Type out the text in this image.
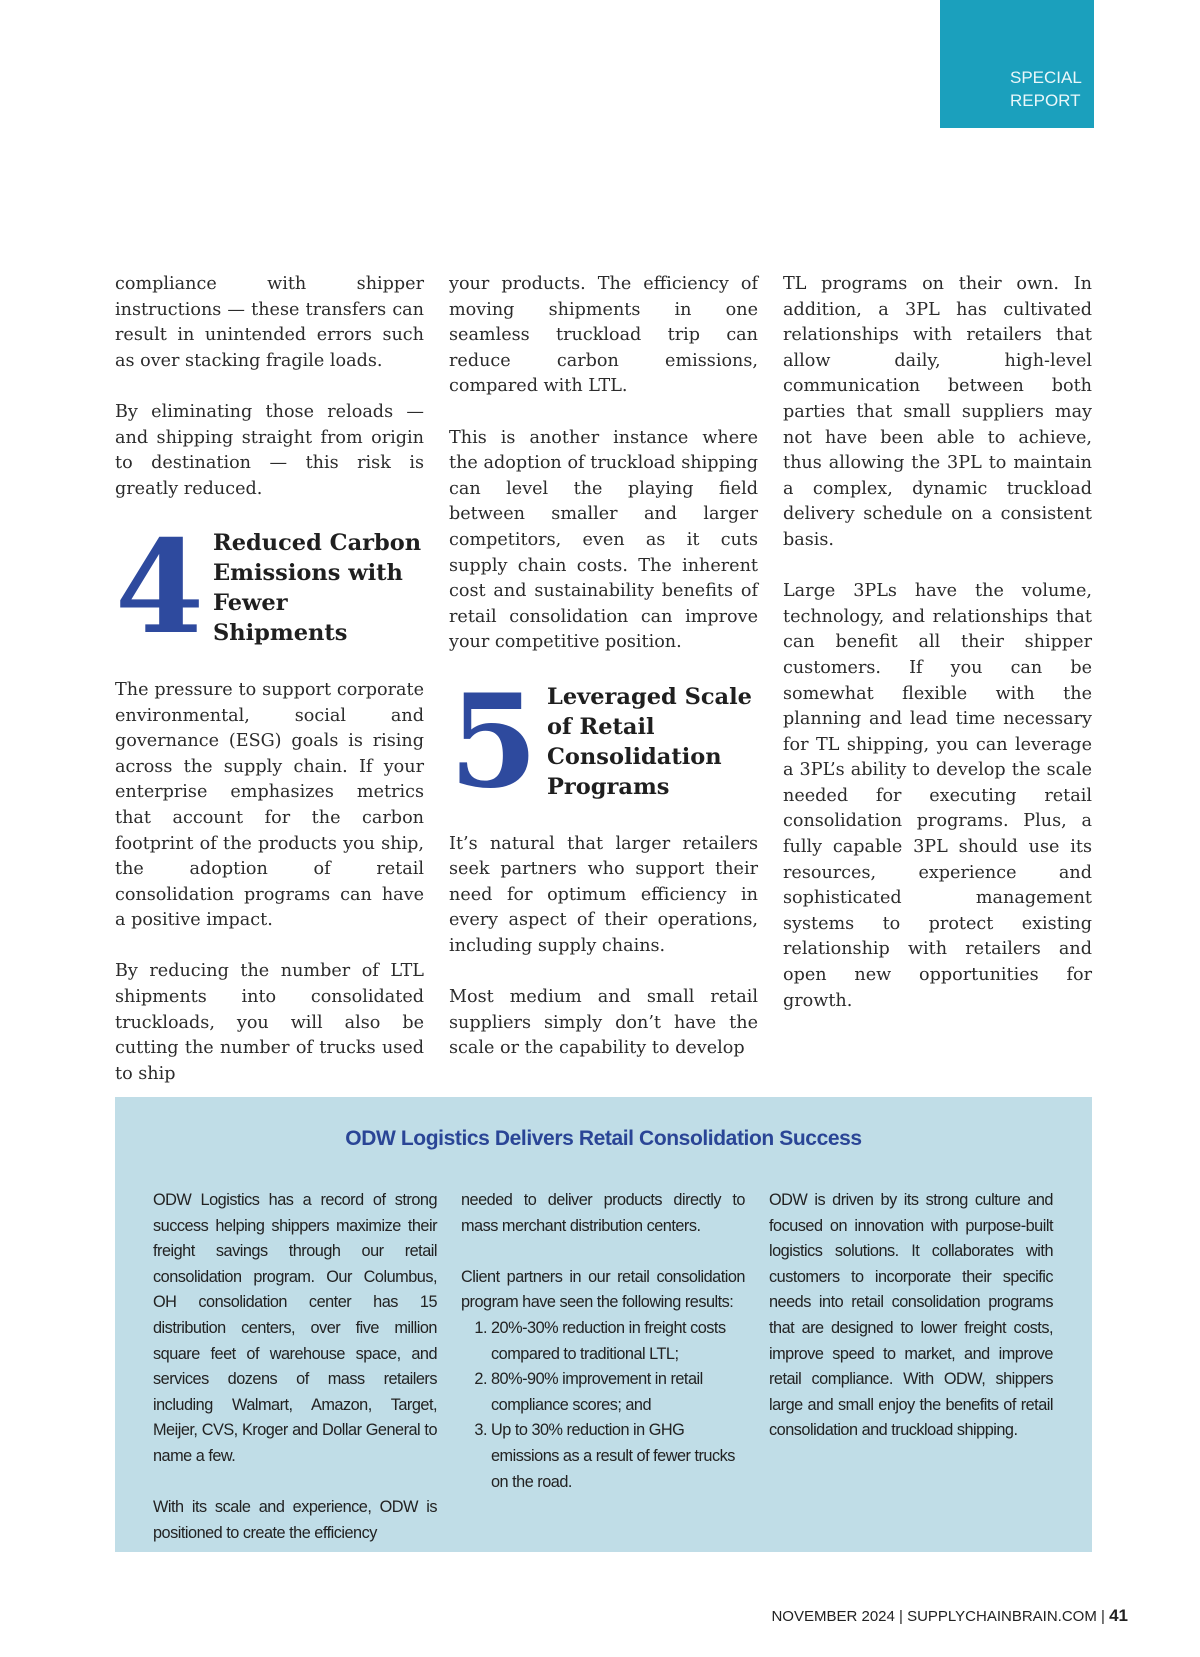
SPECIAL
REPORT

compliance with shipper instructions — these transfers can result in unintended errors such as over stacking fragile loads.

By eliminating those reloads — and shipping straight from origin to destination — this risk is greatly reduced.

4 Reduced Carbon Emissions with Fewer Shipments

The pressure to support corporate environmental, social and governance (ESG) goals is rising across the supply chain. If your enterprise emphasizes metrics that account for the carbon footprint of the products you ship, the adoption of retail consolidation programs can have a positive impact.

By reducing the number of LTL shipments into consolidated truckloads, you will also be cutting the number of trucks used to ship

your products. The efficiency of moving shipments in one seamless truckload trip can reduce carbon emissions, compared with LTL.

This is another instance where the adoption of truckload shipping can level the playing field between smaller and larger competitors, even as it cuts supply chain costs. The inherent cost and sustainability benefits of retail consolidation can improve your competitive position.

5 Leveraged Scale of Retail Consolidation Programs

It’s natural that larger retailers seek partners who support their need for optimum efficiency in every aspect of their operations, including supply chains.

Most medium and small retail suppliers simply don’t have the scale or the capability to develop

TL programs on their own. In addition, a 3PL has cultivated relationships with retailers that allow daily, high-level communication between both parties that small suppliers may not have been able to achieve, thus allowing the 3PL to maintain a complex, dynamic truckload delivery schedule on a consistent basis.

Large 3PLs have the volume, technology, and relationships that can benefit all their shipper customers. If you can be somewhat flexible with the planning and lead time necessary for TL shipping, you can leverage a 3PL’s ability to develop the scale needed for executing retail consolidation programs. Plus, a fully capable 3PL should use its resources, experience and sophisticated management systems to protect existing relationship with retailers and open new opportunities for growth.

ODW Logistics Delivers Retail Consolidation Success

ODW Logistics has a record of strong success helping shippers maximize their freight savings through our retail consolidation program. Our Columbus, OH consolidation center has 15 distribution centers, over five million square feet of warehouse space, and services dozens of mass retailers including Walmart, Amazon, Target, Meijer, CVS, Kroger and Dollar General to name a few.

With its scale and experience, ODW is positioned to create the efficiency

needed to deliver products directly to mass merchant distribution centers.

Client partners in our retail consolidation program have seen the following results:

1. 20%-30% reduction in freight costs compared to traditional LTL;
2. 80%-90% improvement in retail compliance scores; and
3. Up to 30% reduction in GHG emissions as a result of fewer trucks on the road.

ODW is driven by its strong culture and focused on innovation with purpose-built logistics solutions. It collaborates with customers to incorporate their specific needs into retail consolidation programs that are designed to lower freight costs, improve speed to market, and improve retail compliance. With ODW, shippers large and small enjoy the benefits of retail consolidation and truckload shipping.

NOVEMBER 2024 | SUPPLYCHAINBRAIN.COM | 41
